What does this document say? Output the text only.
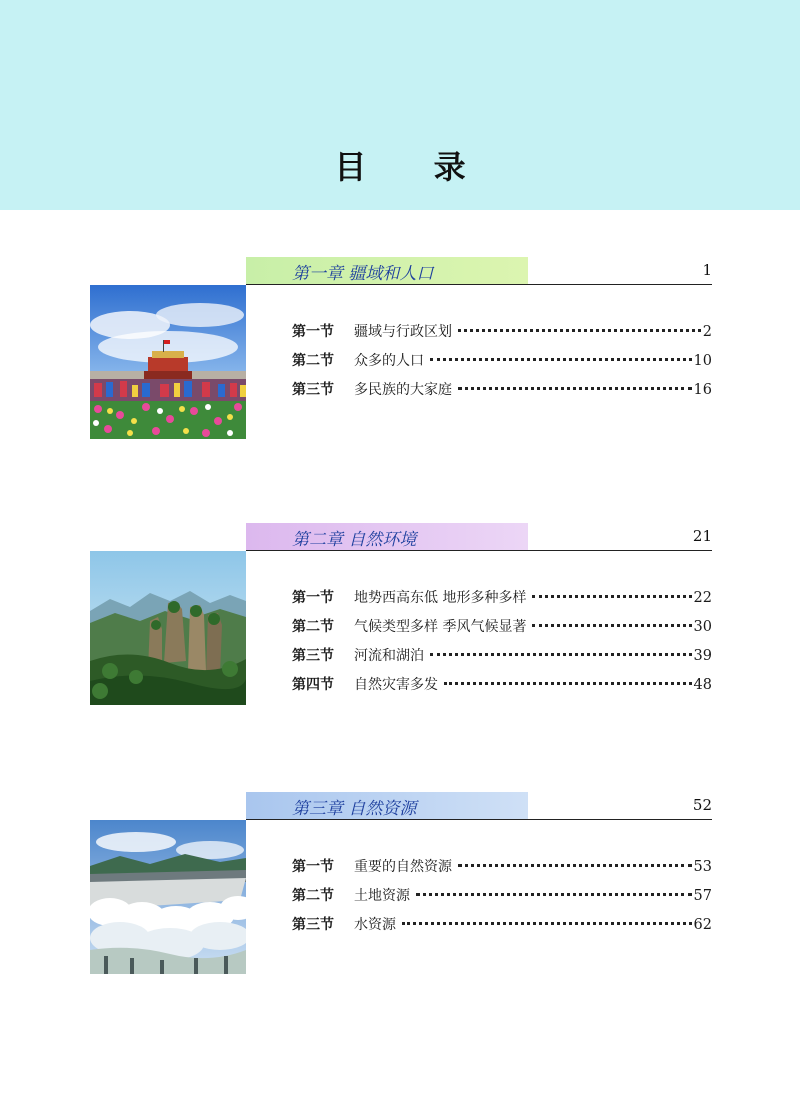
目 录
第一章 疆域和人口	1
第一节	疆域与行政区划	2
第二节	众多的人口	10
第三节	多民族的大家庭	16
第二章 自然环境	21
第一节	地势西高东低 地形多种多样	22
第二节	气候类型多样 季风气候显著	30
第三节	河流和湖泊	39
第四节	自然灾害多发	48
第三章 自然资源	52
第一节	重要的自然资源	53
第二节	土地资源	57
第三节	水资源	62
